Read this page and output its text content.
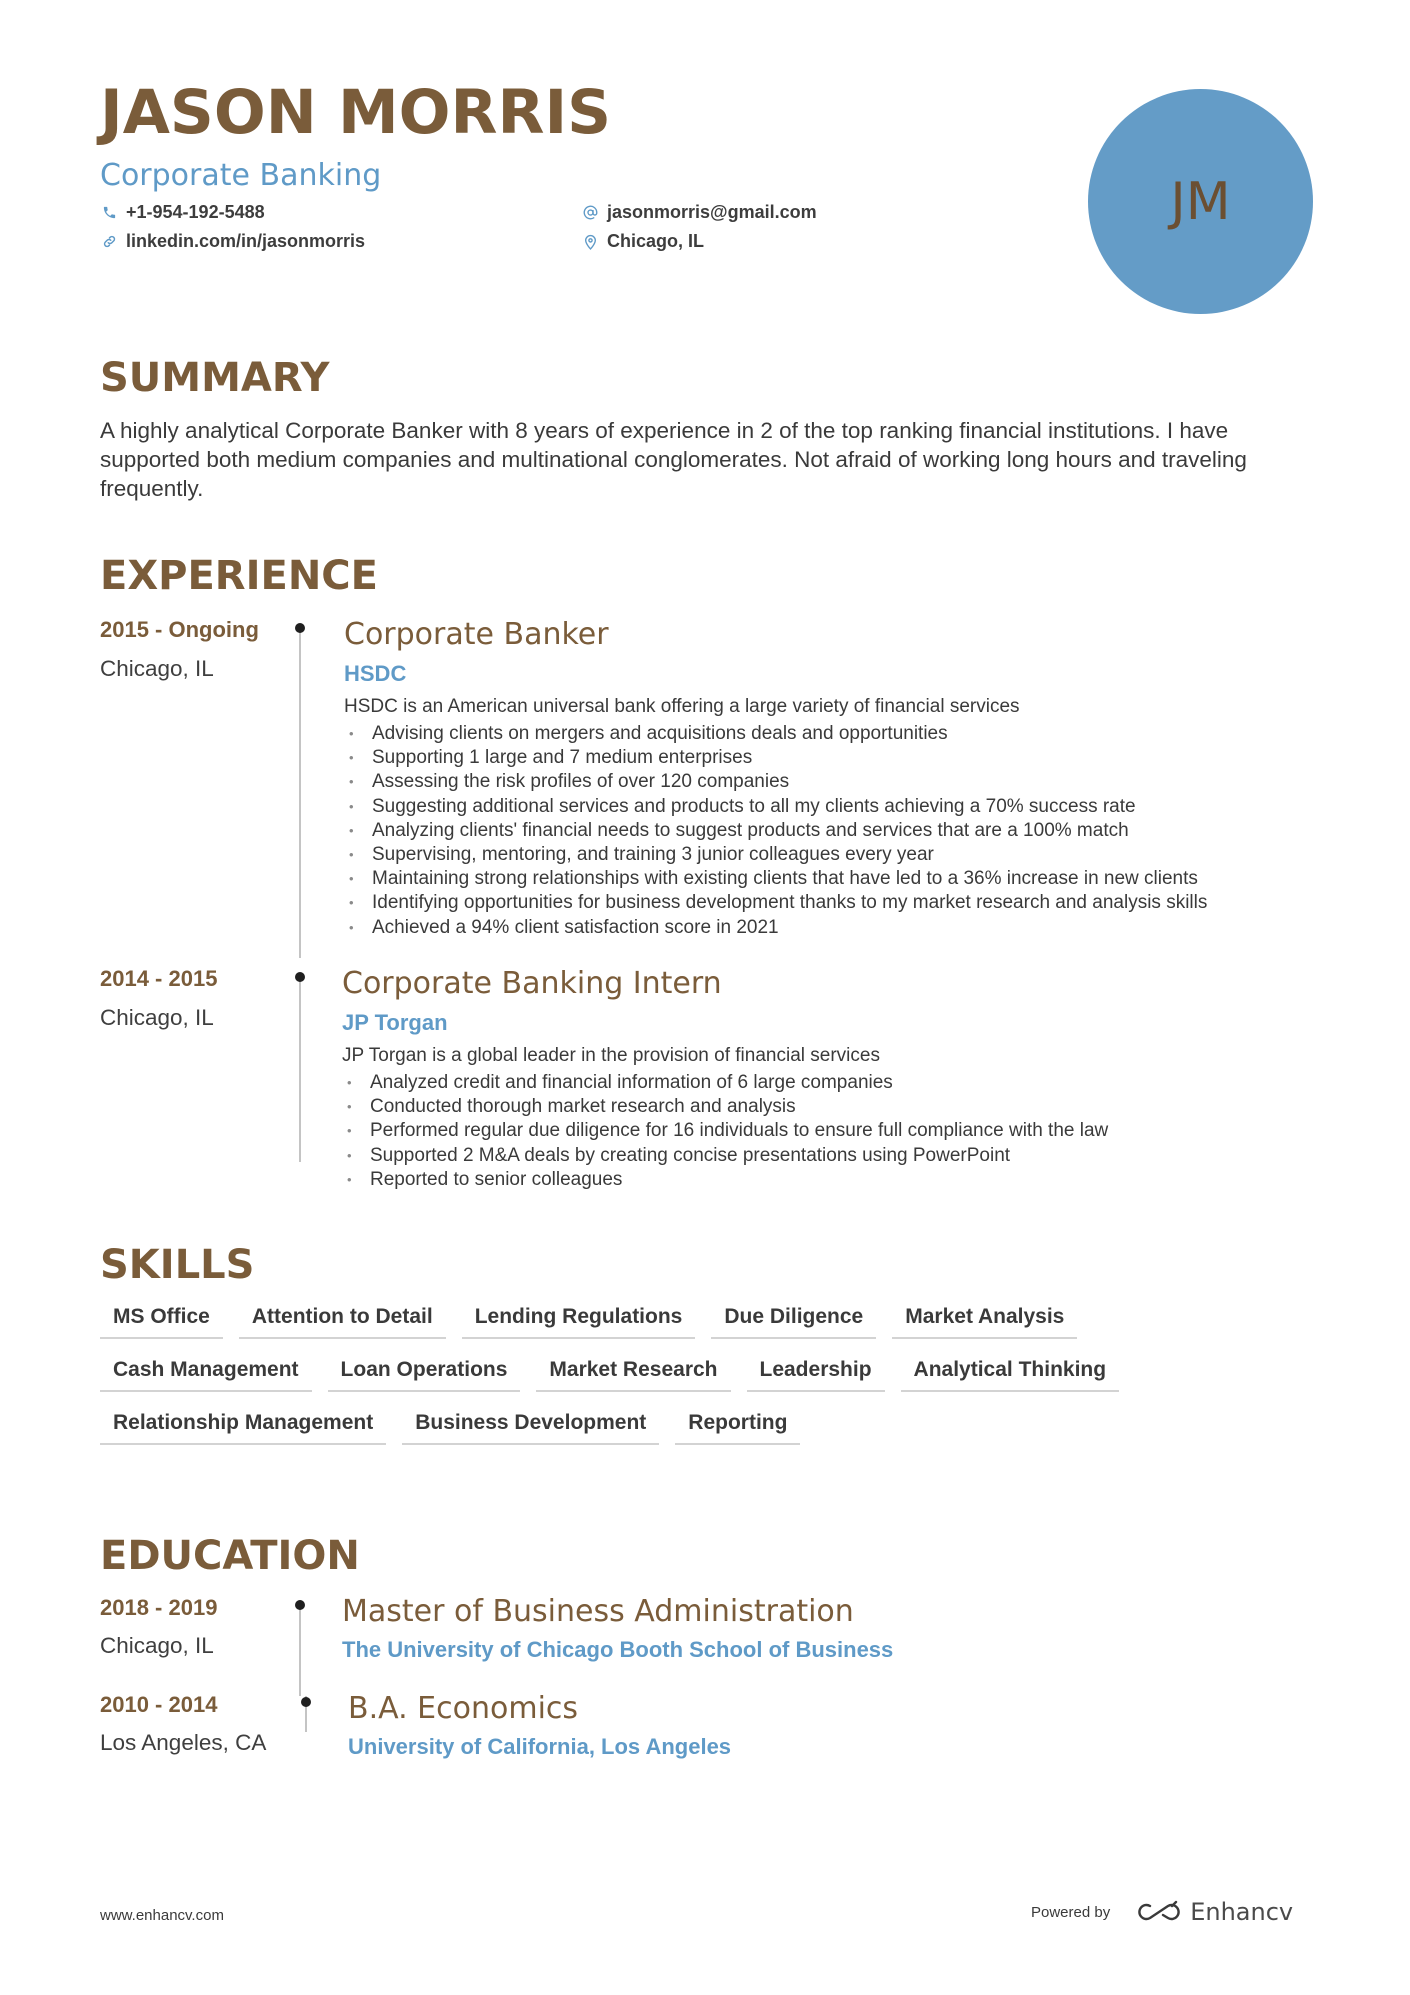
JASON MORRIS
Corporate Banking
+1-954-192-5488
linkedin.com/in/jasonmorris
jasonmorris@gmail.com
Chicago, IL
JM
SUMMARY

A highly analytical Corporate Banker with 8 years of experience in 2 of the top ranking financial institutions. I have supported both medium companies and multinational conglomerates. Not afraid of working long hours and traveling frequently.

EXPERIENCE
2015 - Ongoing
Chicago, IL
Corporate Banker
HSDC
HSDC is an American universal bank offering a large variety of financial services
• Advising clients on mergers and acquisitions deals and opportunities
• Supporting 1 large and 7 medium enterprises
• Assessing the risk profiles of over 120 companies
• Suggesting additional services and products to all my clients achieving a 70% success rate
• Analyzing clients' financial needs to suggest products and services that are a 100% match
• Supervising, mentoring, and training 3 junior colleagues every year
• Maintaining strong relationships with existing clients that have led to a 36% increase in new clients
• Identifying opportunities for business development thanks to my market research and analysis skills
• Achieved a 94% client satisfaction score in 2021
2014 - 2015
Chicago, IL
Corporate Banking Intern
JP Torgan
JP Torgan is a global leader in the provision of financial services
• Analyzed credit and financial information of 6 large companies
• Conducted thorough market research and analysis
• Performed regular due diligence for 16 individuals to ensure full compliance with the law
• Supported 2 M&A deals by creating concise presentations using PowerPoint
• Reported to senior colleagues
SKILLS
MS Office	Attention to Detail	Lending Regulations	Due Diligence	Market Analysis
Cash Management	Loan Operations	Market Research	Leadership	Analytical Thinking
Relationship Management	Business Development	Reporting
EDUCATION
2018 - 2019
Chicago, IL
Master of Business Administration
The University of Chicago Booth School of Business
2010 - 2014
Los Angeles, CA
B.A. Economics
University of California, Los Angeles
www.enhancv.com	Powered by	Enhancv
